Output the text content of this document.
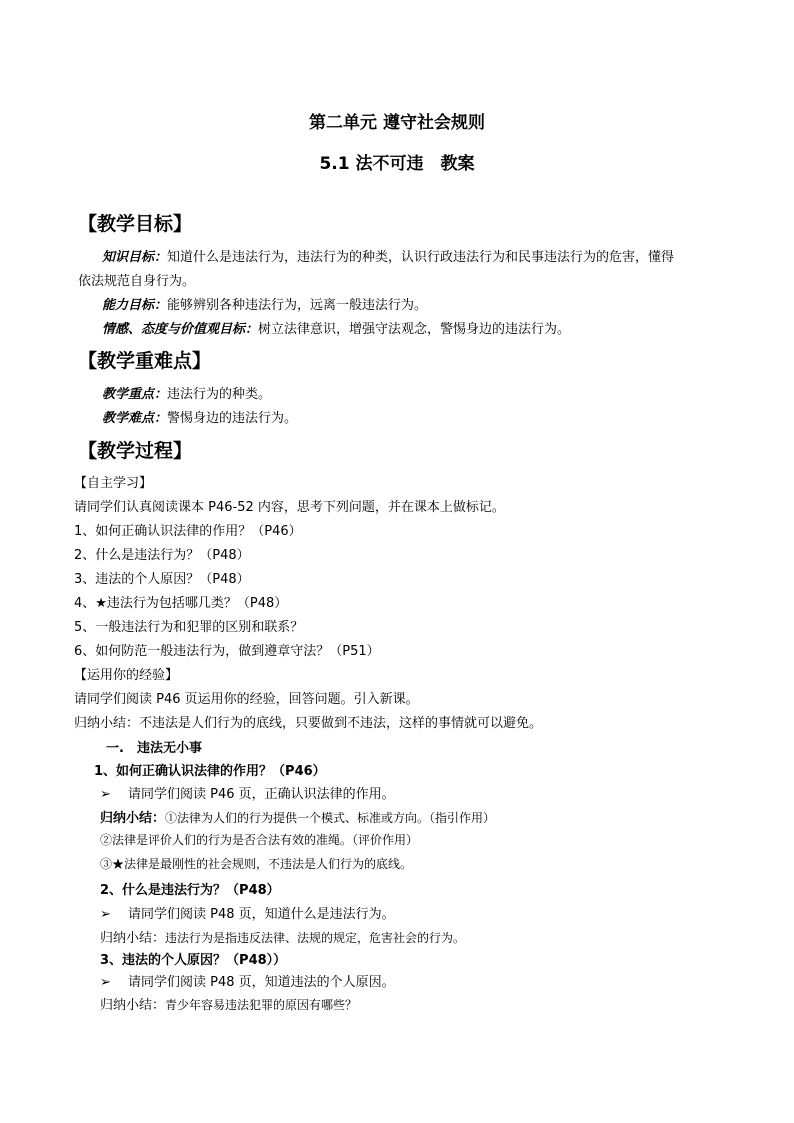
第二单元 遵守社会规则
5.1 法不可违　教案
【教学目标】
知识目标：知道什么是违法行为，违法行为的种类，认识行政违法行为和民事违法行为的危害，懂得
依法规范自身行为。
能力目标：能够辨别各种违法行为，远离一般违法行为。
情感、态度与价值观目标：树立法律意识，增强守法观念，警惕身边的违法行为。
【教学重难点】
教学重点：违法行为的种类。
教学难点：警惕身边的违法行为。
【教学过程】
【自主学习】
请同学们认真阅读课本 P46-52 内容，思考下列问题，并在课本上做标记。
1、如何正确认识法律的作用？（P46）
2、什么是违法行为？（P48）
3、违法的个人原因？（P48）
4、★违法行为包括哪几类？（P48）
5、一般违法行为和犯罪的区别和联系？
6、如何防范一般违法行为，做到遵章守法？（P51）
【运用你的经验】
请同学们阅读 P46 页运用你的经验，回答问题。引入新课。
归纳小结：不违法是人们行为的底线，只要做到不违法，这样的事情就可以避免。
一.　违法无小事
1、如何正确认识法律的作用？（P46）
➢ 请同学们阅读 P46 页，正确认识法律的作用。
归纳小结：①法律为人们的行为提供一个模式、标准或方向。（指引作用）
②法律是评价人们的行为是否合法有效的准绳。（评价作用）
③★法律是最刚性的社会规则，不违法是人们行为的底线。
2、什么是违法行为？（P48）
➢ 请同学们阅读 P48 页，知道什么是违法行为。
归纳小结：违法行为是指违反法律、法规的规定，危害社会的行为。
3、违法的个人原因？（P48））
➢ 请同学们阅读 P48 页，知道违法的个人原因。
归纳小结：青少年容易违法犯罪的原因有哪些？
